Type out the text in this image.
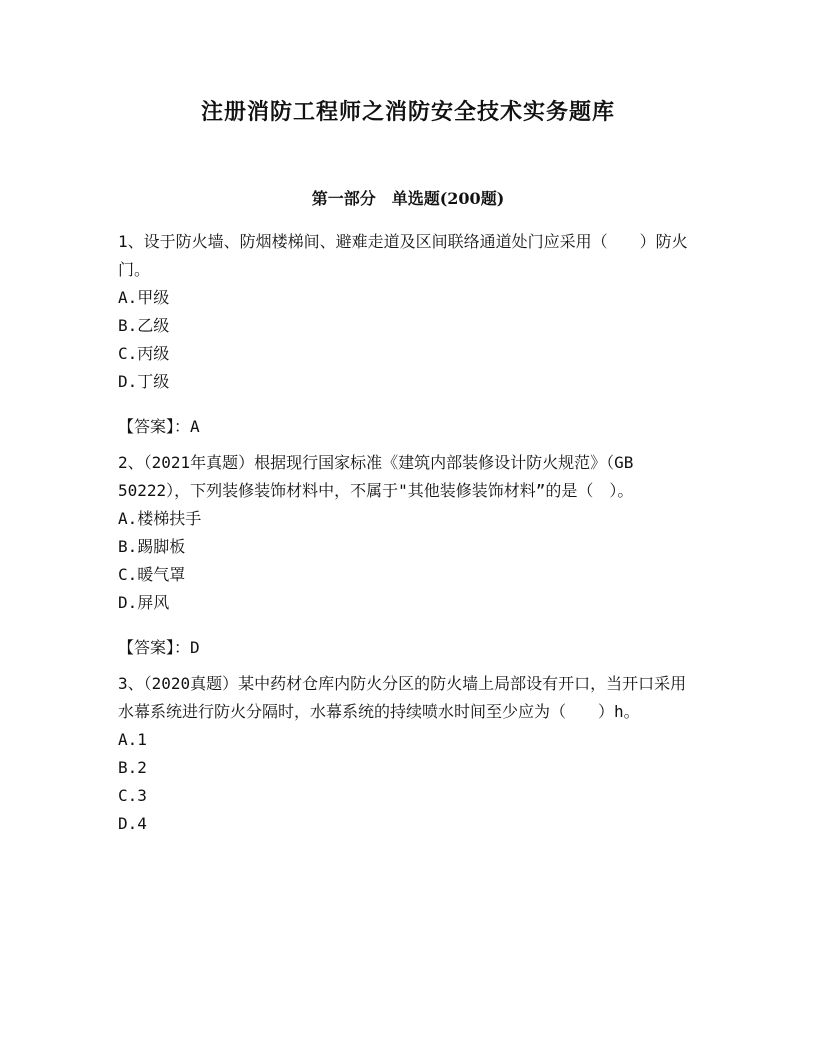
注册消防工程师之消防安全技术实务题库
第一部分　单选题(200题)
1、设于防火墙、防烟楼梯间、避难走道及区间联络通道处门应采用（　　）防火门。
A.甲级
B.乙级
C.丙级
D.丁级
【答案】：A
2、（2021年真题）根据现行国家标准《建筑内部装修设计防火规范》（GB 50222），下列装修装饰材料中，不属于"其他装修装饰材料”的是（　）。
A.楼梯扶手
B.踢脚板
C.暖气罩
D.屏风
【答案】：D
3、（2020真题）某中药材仓库内防火分区的防火墙上局部设有开口，当开口采用水幕系统进行防火分隔时，水幕系统的持续喷水时间至少应为（　　）h。
A.1
B.2
C.3
D.4
